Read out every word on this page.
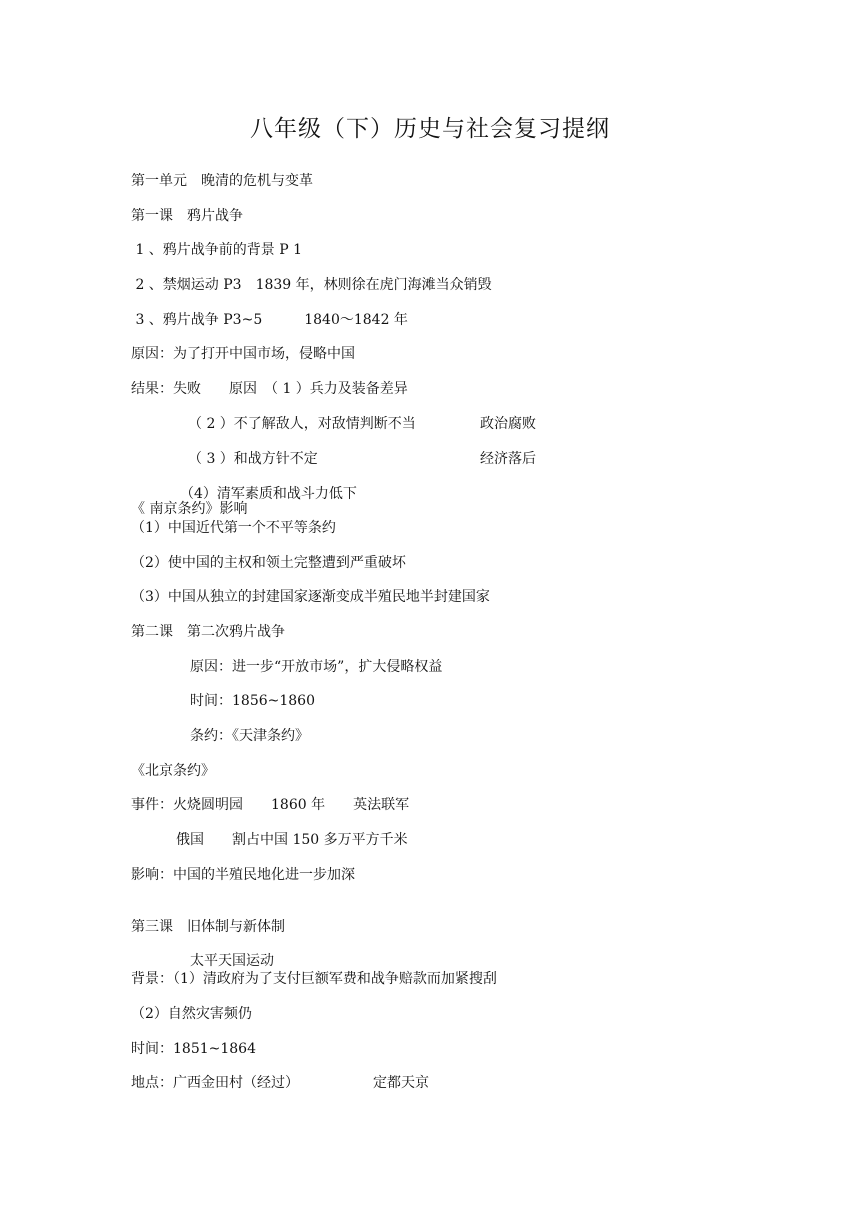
八年级（下）历史与社会复习提纲
第一单元　晚清的危机与变革
第一课　鸦片战争
1 、鸦片战争前的背景 P 1
2 、禁烟运动 P3　1839 年，林则徐在虎门海滩当众销毁
3 、鸦片战争 P3~5　　　1840～1842 年
原因：为了打开中国市场，侵略中国
结果：失败　　原因　（ 1 ）兵力及装备差异
（ 2 ）不了解敌人，对敌情判断不当	政治腐败
（ 3 ）和战方针不定	经济落后
（4）清军素质和战斗力低下
《 南京条约》影响
（1）中国近代第一个不平等条约
（2）使中国的主权和领土完整遭到严重破坏
（3）中国从独立的封建国家逐渐变成半殖民地半封建国家
第二课　第二次鸦片战争
原因：进一步“开放市场”，扩大侵略权益
时间：1856~1860
条约：《天津条约》
《北京条约》
事件：火烧圆明园　　1860 年　　英法联军
俄国　　割占中国 150 多万平方千米
影响：中国的半殖民地化进一步加深
第三课　旧体制与新体制
太平天国运动
背景：（1）清政府为了支付巨额军费和战争赔款而加紧搜刮
（2）自然灾害频仍
时间：1851~1864
地点：广西金田村（经过）	定都天京
